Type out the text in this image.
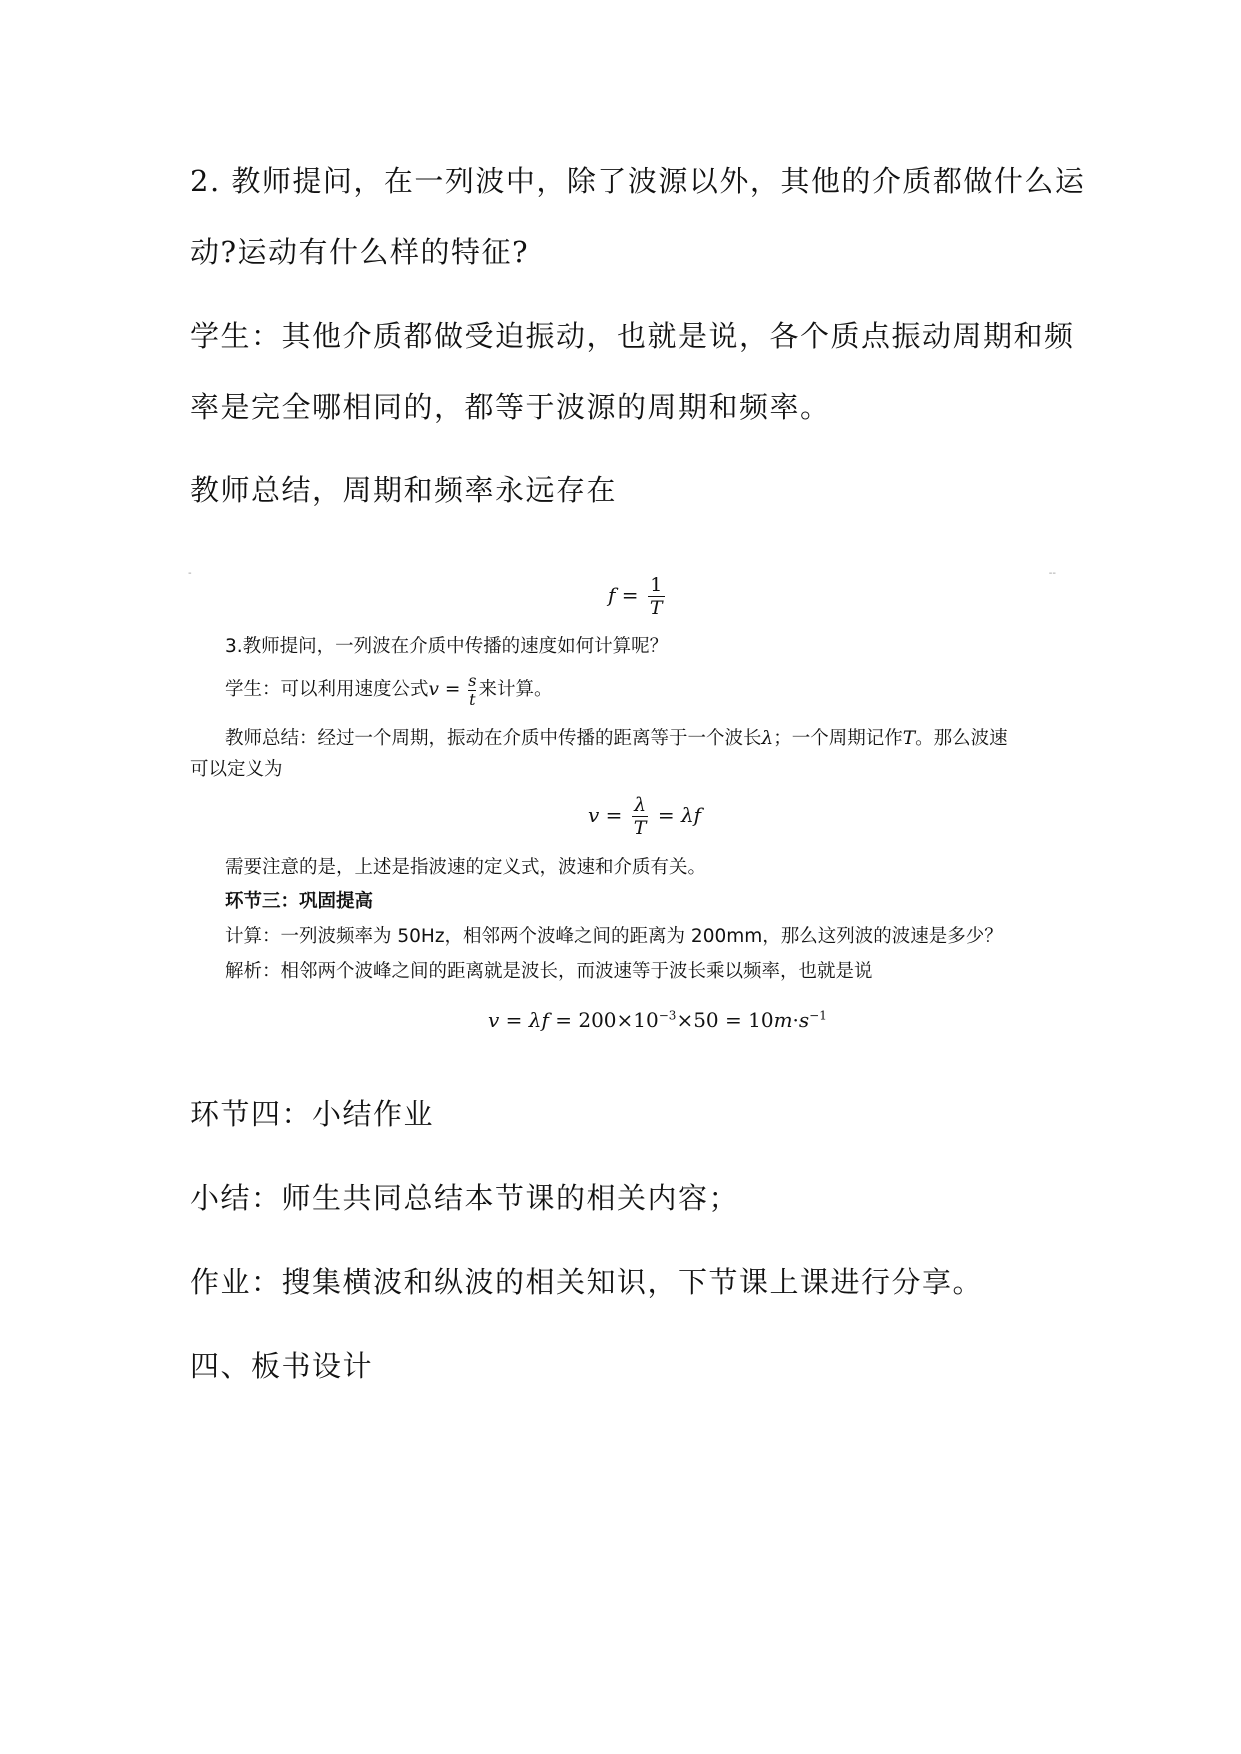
2. 教师提问，在一列波中，除了波源以外，其他的介质都做什么运
动?运动有什么样的特征?
学生：其他介质都做受迫振动，也就是说，各个质点振动周期和频
率是完全哪相同的，都等于波源的周期和频率。
教师总结，周期和频率永远存在
‐	‐‐
$f = \frac{1}{T}$
3.教师提问，一列波在介质中传播的速度如何计算呢？
学生：可以利用速度公式$v = \frac{s}{t}$ 来计算。
教师总结：经过一个周期，振动在介质中传播的距离等于一个波长λ；一个周期记作T。那么波速
可以定义为
$v = \frac{\lambda}{T} = \lambda f$
需要注意的是，上述是指波速的定义式，波速和介质有关。
环节三：巩固提高
计算：一列波频率为 50Hz，相邻两个波峰之间的距离为 200mm，那么这列波的波速是多少？
解析：相邻两个波峰之间的距离就是波长，而波速等于波长乘以频率，也就是说
$v = \lambda f = 200\times 10^{-3}\times 50 = 10m\cdot s^{-1}$
环节四：小结作业
小结：师生共同总结本节课的相关内容；
作业：搜集横波和纵波的相关知识，下节课上课进行分享。
四、板书设计
